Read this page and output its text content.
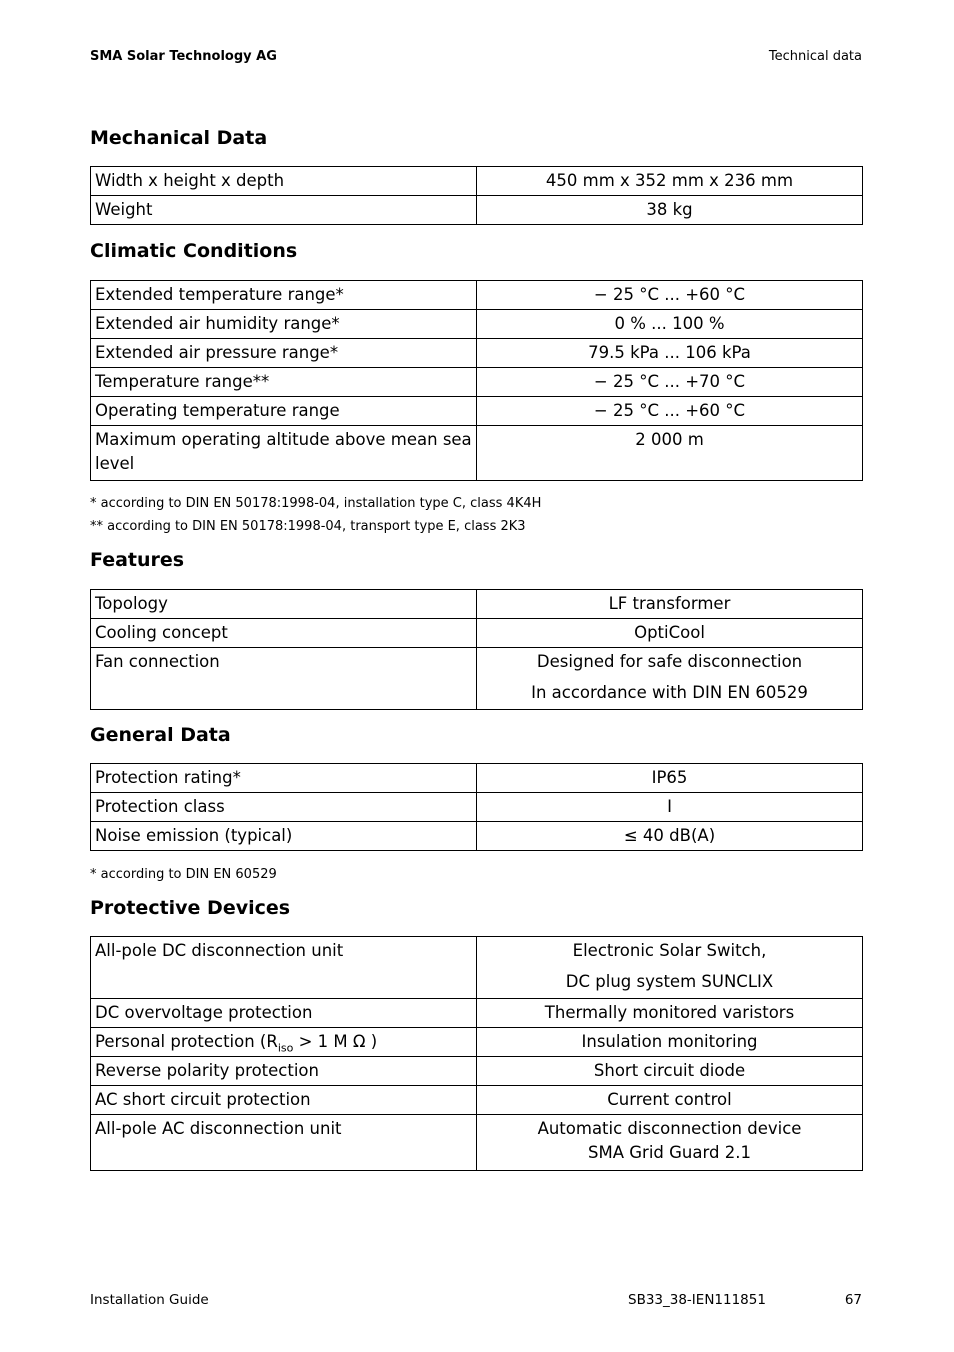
SMA Solar Technology AG	Technical data
Mechanical Data
Width x height x depth	450 mm x 352 mm x 236 mm
Weight	38 kg
Climatic Conditions
Extended temperature range*	− 25 °C ... +60 °C
Extended air humidity range*	0 % ... 100 %
Extended air pressure range*	79.5 kPa ... 106 kPa
Temperature range**	− 25 °C ... +70 °C
Operating temperature range	− 25 °C ... +60 °C
Maximum operating altitude above mean sea level	2 000 m
* according to DIN EN 50178:1998-04, installation type C, class 4K4H
** according to DIN EN 50178:1998-04, transport type E, class 2K3
Features
Topology	LF transformer
Cooling concept	OptiCool
Fan connection	Designed for safe disconnection
In accordance with DIN EN 60529
General Data
Protection rating*	IP65
Protection class	I
Noise emission (typical)	≤ 40 dB(A)
* according to DIN EN 60529
Protective Devices
All-pole DC disconnection unit	Electronic Solar Switch,
DC plug system SUNCLIX

DC overvoltage protection	Thermally monitored varistors
Personal protection ($R_{iso} > 1$ M Ω )	Insulation monitoring
Reverse polarity protection	Short circuit diode
AC short circuit protection	Current control
All-pole AC disconnection unit	Automatic disconnection device
SMA Grid Guard 2.1
Installation Guide	SB33_38-IEN111851	67
